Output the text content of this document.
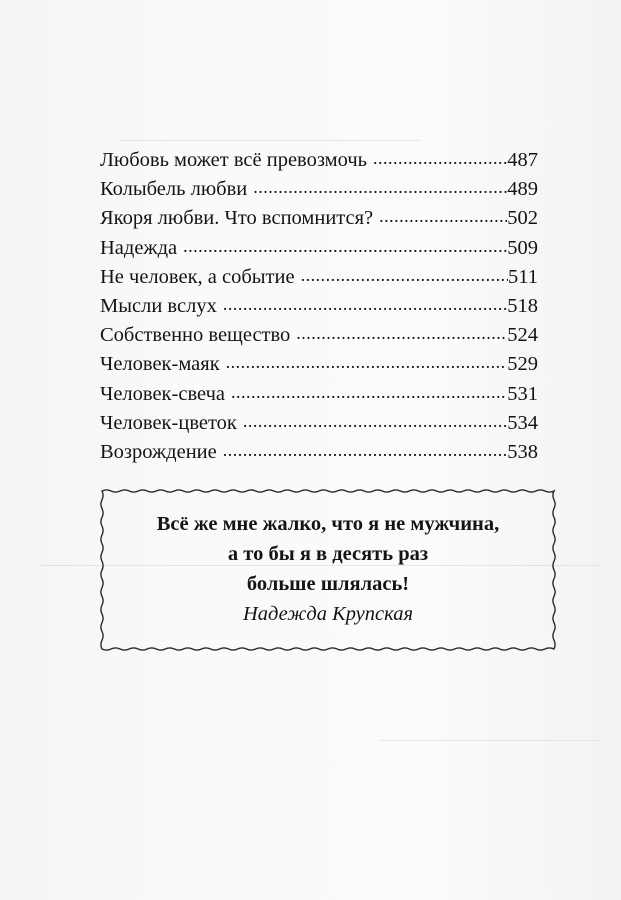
Любовь может всё превозмочь .....	487
Колыбель любви .....	489
Якоря любви. Что вспомнится? .....	502
Надежда .....	509
Не человек, а событие .....	511
Мысли вслух .....	518
Собственно вещество .....	524
Человек-маяк .....	529
Человек-свеча .....	531
Человек-цветок .....	534
Возрождение .....	538
Всё же мне жалко, что я не мужчина,
а то бы я в десять раз
больше шлялась!
Надежда Крупская
